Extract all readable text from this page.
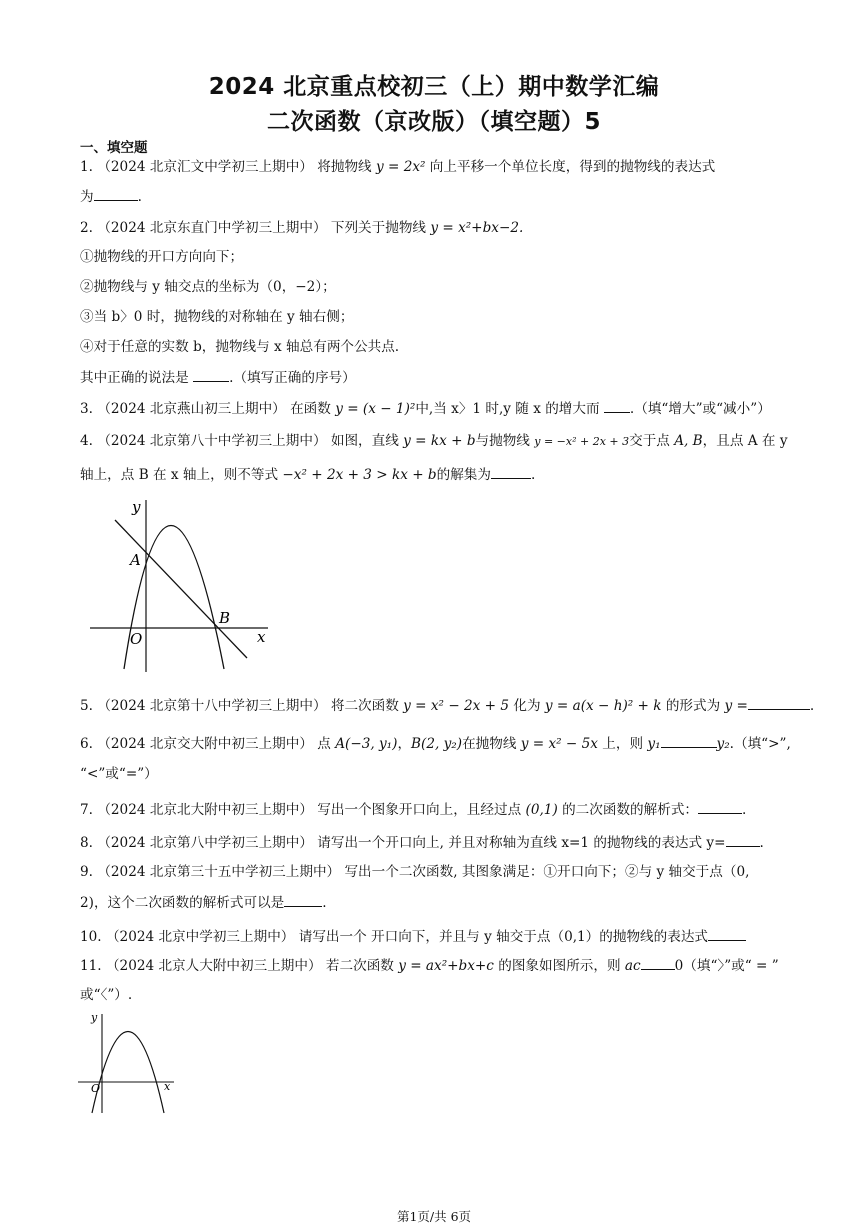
2024 北京重点校初三（上）期中数学汇编
二次函数（京改版）（填空题）5
一、填空题
1. （2024 北京汇文中学初三上期中） 将抛物线 y = 2x² 向上平移一个单位长度，得到的抛物线的表达式
为	.
2. （2024 北京东直门中学初三上期中） 下列关于抛物线 y = x²+bx−2.
①抛物线的开口方向向下；
②抛物线与 y 轴交点的坐标为（0，−2）；
③当 b〉0 时，抛物线的对称轴在 y 轴右侧；
④对于任意的实数 b，抛物线与 x 轴总有两个公共点.
其中正确的说法是	.（填写正确的序号）
3. （2024 北京燕山初三上期中） 在函数 y = (x − 1)²中,当 x〉1 时,y 随 x 的增大而 .（填“增大”或“减小”）
4. （2024 北京第八十中学初三上期中） 如图，直线 y = kx + b与抛物线 y = −x² + 2x + 3交于点 A, B，且点 A 在 y
轴上，点 B 在 x 轴上，则不等式 −x² + 2x + 3 > kx + b的解集为	.
y
x
O
A
B
5. （2024 北京第十八中学初三上期中） 将二次函数 y = x² − 2x + 5 化为 y = a(x − h)² + k 的形式为 y =	.
6. （2024 北京交大附中初三上期中） 点 A(−3, y₁)，B(2, y₂)在抛物线 y = x² − 5x 上，则 y₁	y₂.（填“>”,
“<”或“=”）
7. （2024 北京北大附中初三上期中） 写出一个图象开口向上，且经过点 (0,1) 的二次函数的解析式：	.
8. （2024 北京第八中学初三上期中） 请写出一个开口向上, 并且对称轴为直线 x=1 的抛物线的表达式 y=	.
9. （2024 北京第三十五中学初三上期中） 写出一个二次函数, 其图象满足：①开口向下；②与 y 轴交于点（0,
2)，这个二次函数的解析式可以是	.
10. （2024 北京中学初三上期中） 请写出一个 开口向下，并且与 y 轴交于点（0,1）的抛物线的表达式
11. （2024 北京人大附中初三上期中） 若二次函数 y = ax²+bx+c 的图象如图所示，则 ac	0（填“〉”或“ = ”
或“〈”）.
y
x
O
第1页/共 6页
